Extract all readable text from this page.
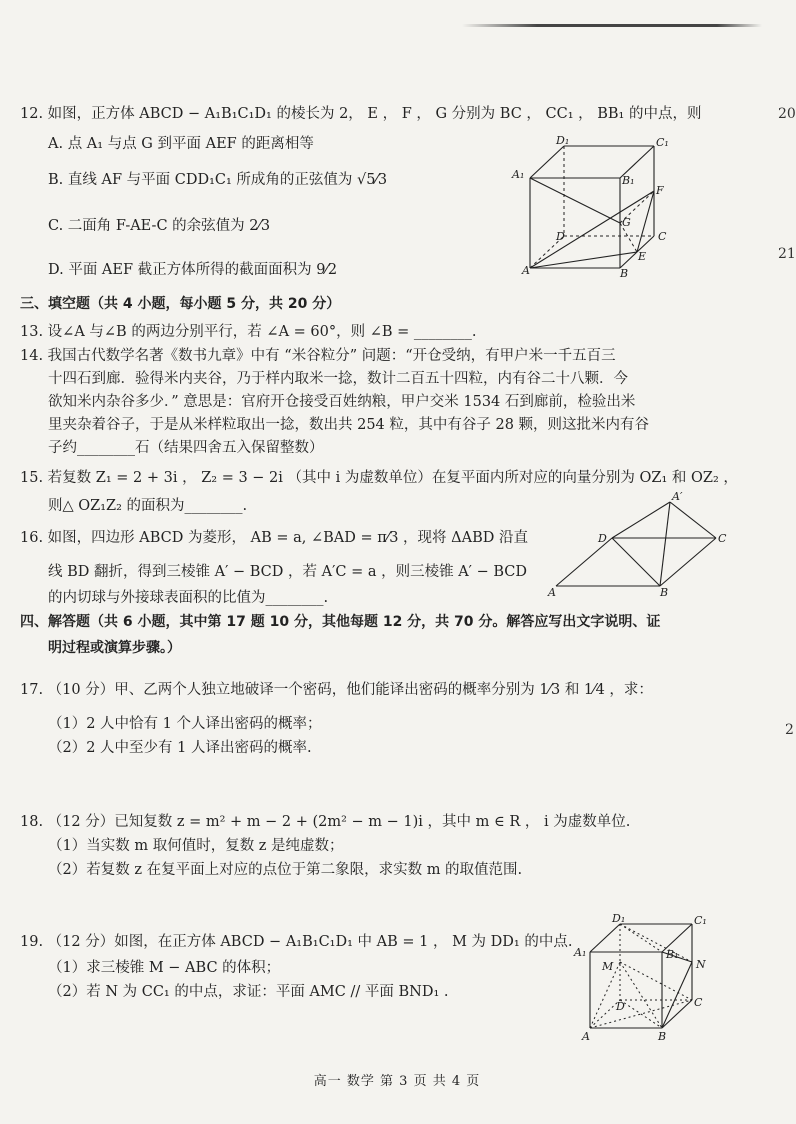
20
21
2
12. 如图，正方体 ABCD − A₁B₁C₁D₁ 的棱长为 2， E ， F ， G 分别为 BC ， CC₁ ， BB₁ 的中点，则
A. 点 A₁ 与点 G 到平面 AEF 的距离相等
B. 直线 AF 与平面 CDD₁C₁ 所成角的正弦值为 √5⁄3
C. 二面角 F-AE-C 的余弦值为 2⁄3
D. 平面 AEF 截正方体所得的截面面积为 9⁄2
D₁	C₁
A₁	B₁
F
G
D	C
E
A	B
三、填空题（共 4 小题，每小题 5 分，共 20 分）
13. 设∠A 与∠B 的两边分别平行，若 ∠A = 60°，则 ∠B = ________.
14. 我国古代数学名著《数书九章》中有 “米谷粒分” 问题：“开仓受纳，有甲户米一千五百三
十四石到廊．验得米内夹谷，乃于样内取米一捻，数计二百五十四粒，内有谷二十八颗．今
欲知米内杂谷多少．” 意思是：官府开仓接受百姓纳粮，甲户交米 1534 石到廊前，检验出米
里夹杂着谷子，于是从米样粒取出一捻，数出共 254 粒，其中有谷子 28 颗，则这批米内有谷
子约________石（结果四舍五入保留整数）
15. 若复数 Z₁ = 2 + 3i ， Z₂ = 3 − 2i （其中 i 为虚数单位）在复平面内所对应的向量分别为 OZ₁ 和 OZ₂ ，
则△ OZ₁Z₂ 的面积为________.
16. 如图，四边形 ABCD 为菱形， AB = a, ∠BAD = π⁄3 ，现将 ΔABD 沿直
线 BD 翻折，得到三棱锥 A′ − BCD ，若 A′C = a ，则三棱锥 A′ − BCD
的内切球与外接球表面积的比值为________.
A′
D	C
A	B
四、解答题（共 6 小题，其中第 17 题 10 分，其他每题 12 分，共 70 分。解答应写出文字说明、证
明过程或演算步骤。）
17. （10 分）甲、乙两个人独立地破译一个密码，他们能译出密码的概率分别为 1⁄3 和 1⁄4 ，求：
（1）2 人中恰有 1 个人译出密码的概率；
（2）2 人中至少有 1 人译出密码的概率.
18. （12 分）已知复数 z = m² + m − 2 + (2m² − m − 1)i ，其中 m ∈ R ， i 为虚数单位.
（1）当实数 m 取何值时，复数 z 是纯虚数；
（2）若复数 z 在复平面上对应的点位于第二象限，求实数 m 的取值范围.
19. （12 分）如图，在正方体 ABCD − A₁B₁C₁D₁ 中 AB = 1 ， M 为 DD₁ 的中点.
（1）求三棱锥 M − ABC 的体积；
（2）若 N 为 CC₁ 的中点，求证：平面 AMC // 平面 BND₁ .
D₁	C₁
A₁	B₁
M	N
D	C
A	B
高一 数学 第 3 页 共 4 页
